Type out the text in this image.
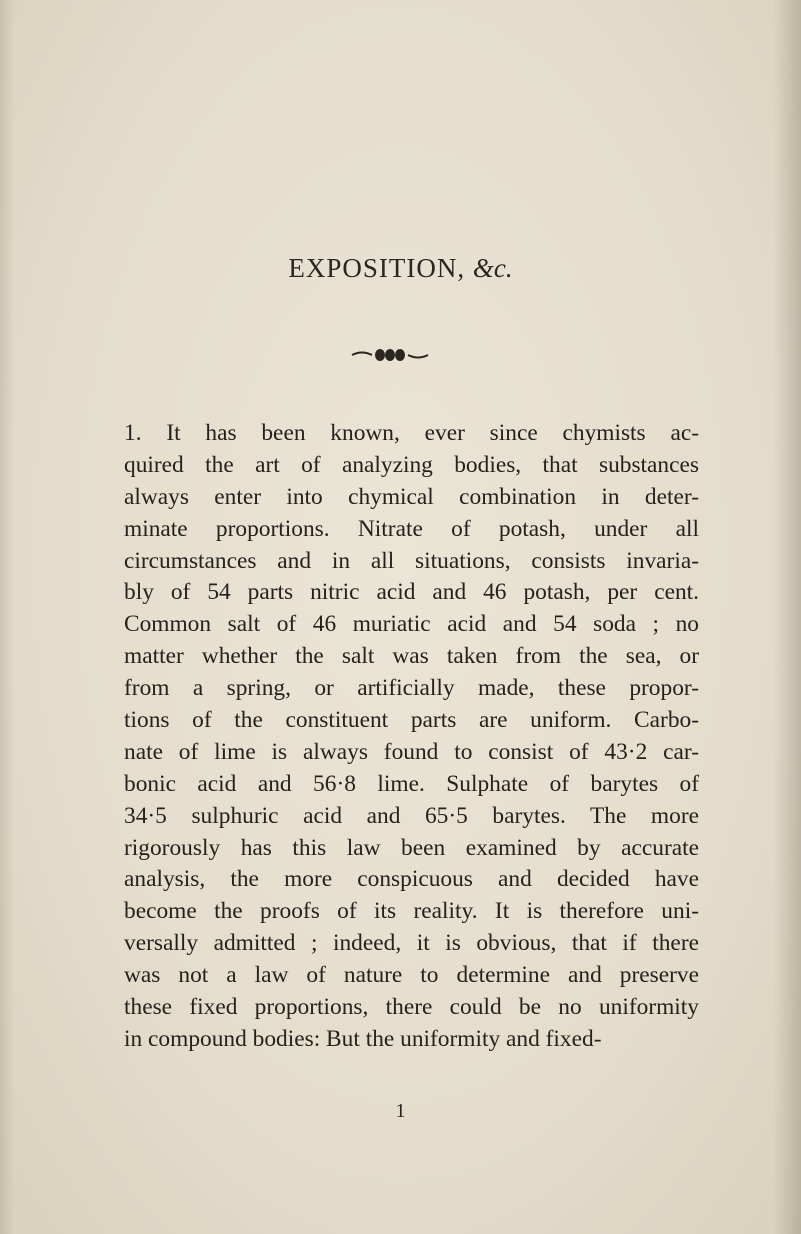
EXPOSITION, &c.
1. It has been known, ever since chymists ac-
quired the art of analyzing bodies, that substances
always enter into chymical combination in deter-
minate proportions. Nitrate of potash, under all
circumstances and in all situations, consists invaria-
bly of 54 parts nitric acid and 46 potash, per cent.
Common salt of 46 muriatic acid and 54 soda ; no
matter whether the salt was taken from the sea, or
from a spring, or artificially made, these propor-
tions of the constituent parts are uniform. Carbo-
nate of lime is always found to consist of 43·2 car-
bonic acid and 56·8 lime. Sulphate of barytes of
34·5 sulphuric acid and 65·5 barytes. The more
rigorously has this law been examined by accurate
analysis, the more conspicuous and decided have
become the proofs of its reality. It is therefore uni-
versally admitted ; indeed, it is obvious, that if there
was not a law of nature to determine and preserve
these fixed proportions, there could be no uniformity
in compound bodies: But the uniformity and fixed-
1
